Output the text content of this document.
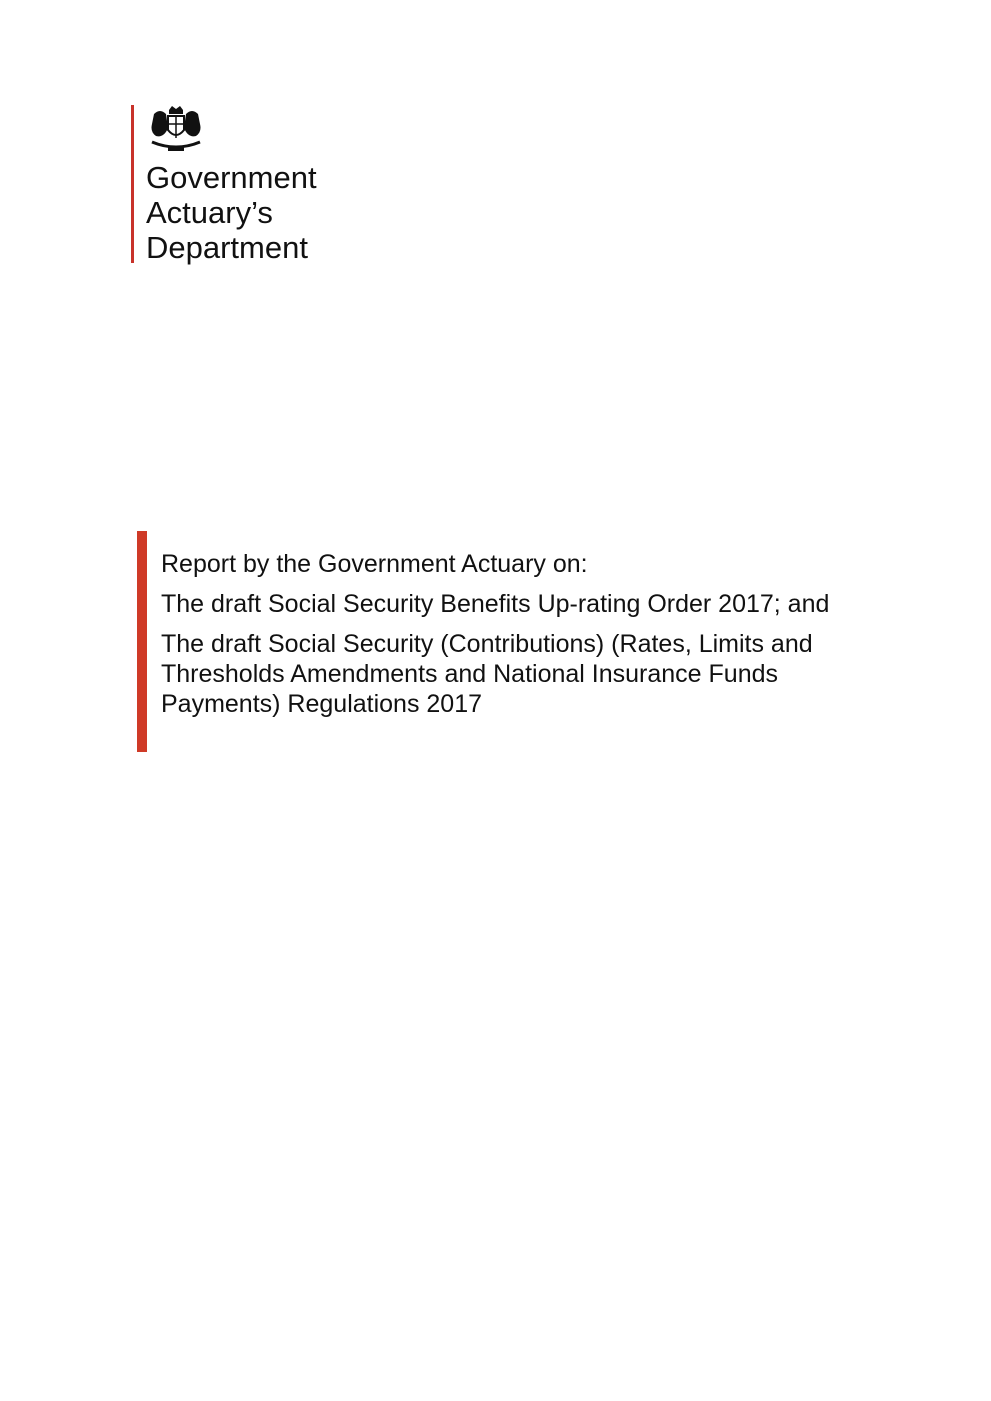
Government
Actuary’s
Department

Report by the Government Actuary on:

The draft Social Security Benefits Up-rating Order 2017; and

The draft Social Security (Contributions) (Rates, Limits and Thresholds Amendments and National Insurance Funds Payments) Regulations 2017
